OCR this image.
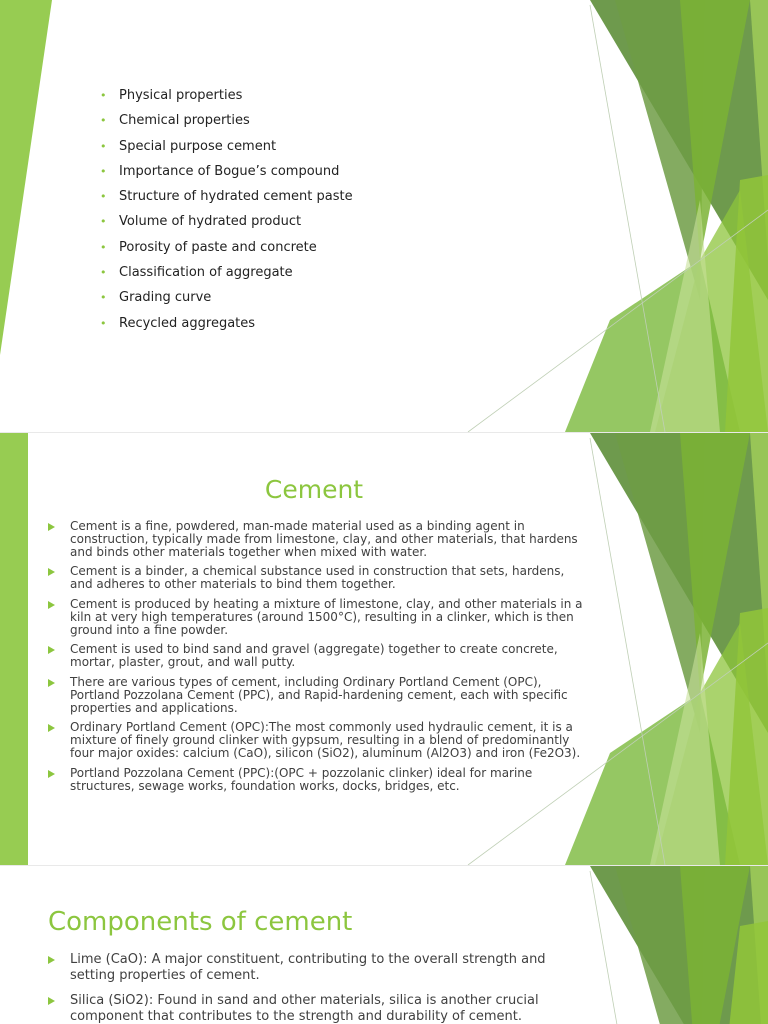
• Physical properties
• Chemical properties
• Special purpose cement
• Importance of Bogue’s compound
• Structure of hydrated cement paste
• Volume of hydrated product
• Porosity of paste and concrete
• Classification of aggregate
• Grading curve
• Recycled aggregates
Cement
Cement is a fine, powdered, man-made material used as a binding agent in construction, typically made from limestone, clay, and other materials, that hardens and binds other materials together when mixed with water.
Cement is a binder, a chemical substance used in construction that sets, hardens, and adheres to other materials to bind them together.
Cement is produced by heating a mixture of limestone, clay, and other materials in a kiln at very high temperatures (around 1500°C), resulting in a clinker, which is then ground into a fine powder.
Cement is used to bind sand and gravel (aggregate) together to create concrete, mortar, plaster, grout, and wall putty.
There are various types of cement, including Ordinary Portland Cement (OPC), Portland Pozzolana Cement (PPC), and Rapid-hardening cement, each with specific properties and applications.
Ordinary Portland Cement (OPC):The most commonly used hydraulic cement, it is a mixture of finely ground clinker with gypsum, resulting in a blend of predominantly four major oxides: calcium (CaO), silicon (SiO2), aluminum (Al2O3) and iron (Fe2O3).
Portland Pozzolana Cement (PPC):(OPC + pozzolanic clinker) ideal for marine structures, sewage works, foundation works, docks, bridges, etc.
Components of cement
Lime (CaO): A major constituent, contributing to the overall strength and setting properties of cement.
Silica (SiO2): Found in sand and other materials, silica is another crucial component that contributes to the strength and durability of cement.
